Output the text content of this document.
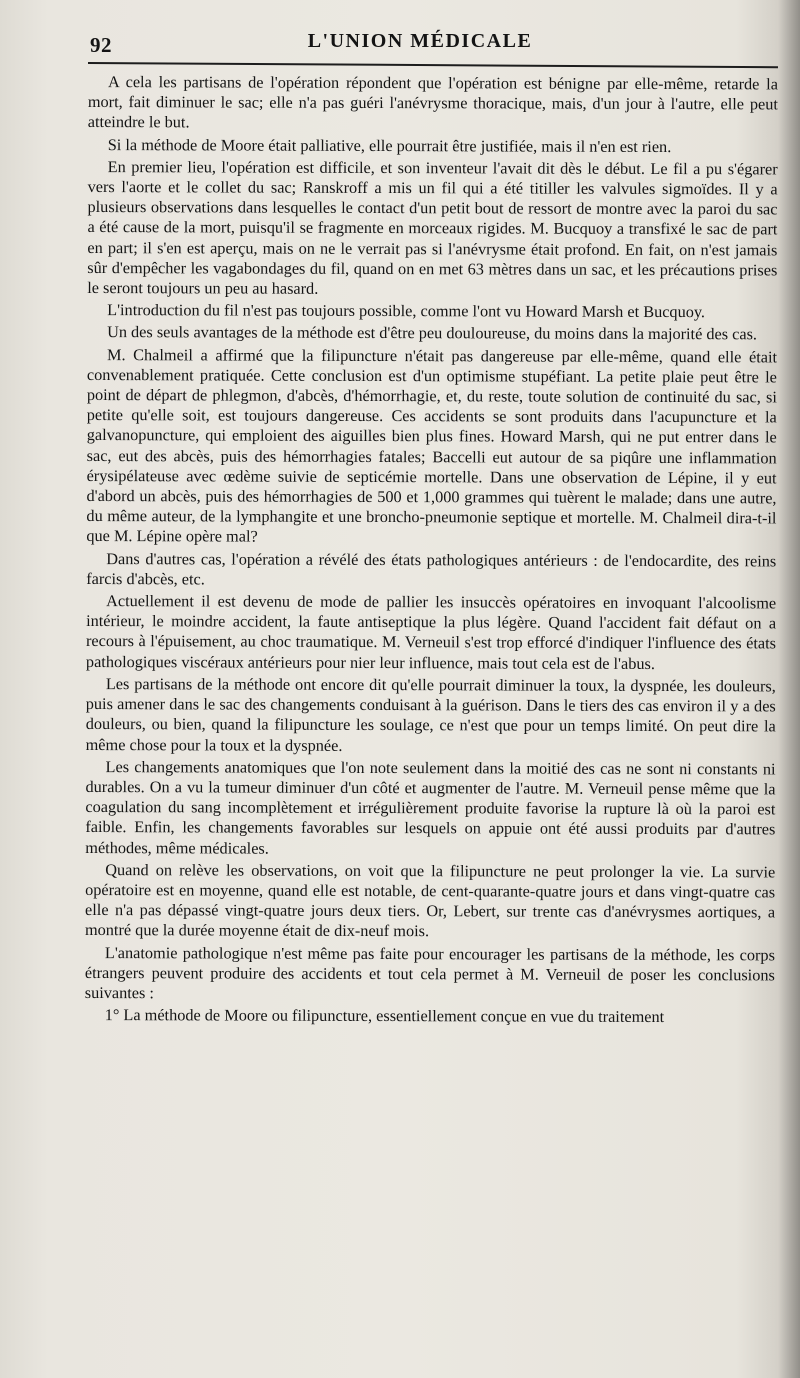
92	L'UNION MÉDICALE

A cela les partisans de l'opération répondent que l'opération est bénigne par elle-même, retarde la mort, fait diminuer le sac; elle n'a pas guéri l'anévrysme thoracique, mais, d'un jour à l'autre, elle peut atteindre le but.

Si la méthode de Moore était palliative, elle pourrait être justifiée, mais il n'en est rien.

En premier lieu, l'opération est difficile, et son inventeur l'avait dit dès le début. Le fil a pu s'égarer vers l'aorte et le collet du sac; Ranskroff a mis un fil qui a été titiller les valvules sigmoïdes. Il y a plusieurs observations dans lesquelles le contact d'un petit bout de ressort de montre avec la paroi du sac a été cause de la mort, puisqu'il se fragmente en morceaux rigides. M. Bucquoy a transfixé le sac de part en part; il s'en est aperçu, mais on ne le verrait pas si l'anévrysme était profond. En fait, on n'est jamais sûr d'empêcher les vagabondages du fil, quand on en met 63 mètres dans un sac, et les précautions prises le seront toujours un peu au hasard.

L'introduction du fil n'est pas toujours possible, comme l'ont vu Howard Marsh et Bucquoy.

Un des seuls avantages de la méthode est d'être peu douloureuse, du moins dans la majorité des cas.

M. Chalmeil a affirmé que la filipuncture n'était pas dangereuse par elle-même, quand elle était convenablement pratiquée. Cette conclusion est d'un optimisme stupéfiant. La petite plaie peut être le point de départ de phlegmon, d'abcès, d'hémorrhagie, et, du reste, toute solution de continuité du sac, si petite qu'elle soit, est toujours dangereuse. Ces accidents se sont produits dans l'acupuncture et la galvanopuncture, qui emploient des aiguilles bien plus fines. Howard Marsh, qui ne put entrer dans le sac, eut des abcès, puis des hémorrhagies fatales; Baccelli eut autour de sa piqûre une inflammation érysipélateuse avec œdème suivie de septicémie mortelle. Dans une observation de Lépine, il y eut d'abord un abcès, puis des hémorrhagies de 500 et 1,000 grammes qui tuèrent le malade; dans une autre, du même auteur, de la lymphangite et une broncho-pneumonie septique et mortelle. M. Chalmeil dira-t-il que M. Lépine opère mal?

Dans d'autres cas, l'opération a révélé des états pathologiques antérieurs : de l'endocardite, des reins farcis d'abcès, etc.

Actuellement il est devenu de mode de pallier les insuccès opératoires en invoquant l'alcoolisme intérieur, le moindre accident, la faute antiseptique la plus légère. Quand l'accident fait défaut on a recours à l'épuisement, au choc traumatique. M. Verneuil s'est trop efforcé d'indiquer l'influence des états pathologiques viscéraux antérieurs pour nier leur influence, mais tout cela est de l'abus.

Les partisans de la méthode ont encore dit qu'elle pourrait diminuer la toux, la dyspnée, les douleurs, puis amener dans le sac des changements conduisant à la guérison. Dans le tiers des cas environ il y a des douleurs, ou bien, quand la filipuncture les soulage, ce n'est que pour un temps limité. On peut dire la même chose pour la toux et la dyspnée.

Les changements anatomiques que l'on note seulement dans la moitié des cas ne sont ni constants ni durables. On a vu la tumeur diminuer d'un côté et augmenter de l'autre. M. Verneuil pense même que la coagulation du sang incomplètement et irrégulièrement produite favorise la rupture là où la paroi est faible. Enfin, les changements favorables sur lesquels on appuie ont été aussi produits par d'autres méthodes, même médicales.

Quand on relève les observations, on voit que la filipuncture ne peut prolonger la vie. La survie opératoire est en moyenne, quand elle est notable, de cent-quarante-quatre jours et dans vingt-quatre cas elle n'a pas dépassé vingt-quatre jours deux tiers. Or, Lebert, sur trente cas d'anévrysmes aortiques, a montré que la durée moyenne était de dix-neuf mois.

L'anatomie pathologique n'est même pas faite pour encourager les partisans de la méthode, les corps étrangers peuvent produire des accidents et tout cela permet à M. Verneuil de poser les conclusions suivantes :

1° La méthode de Moore ou filipuncture, essentiellement conçue en vue du traitement
